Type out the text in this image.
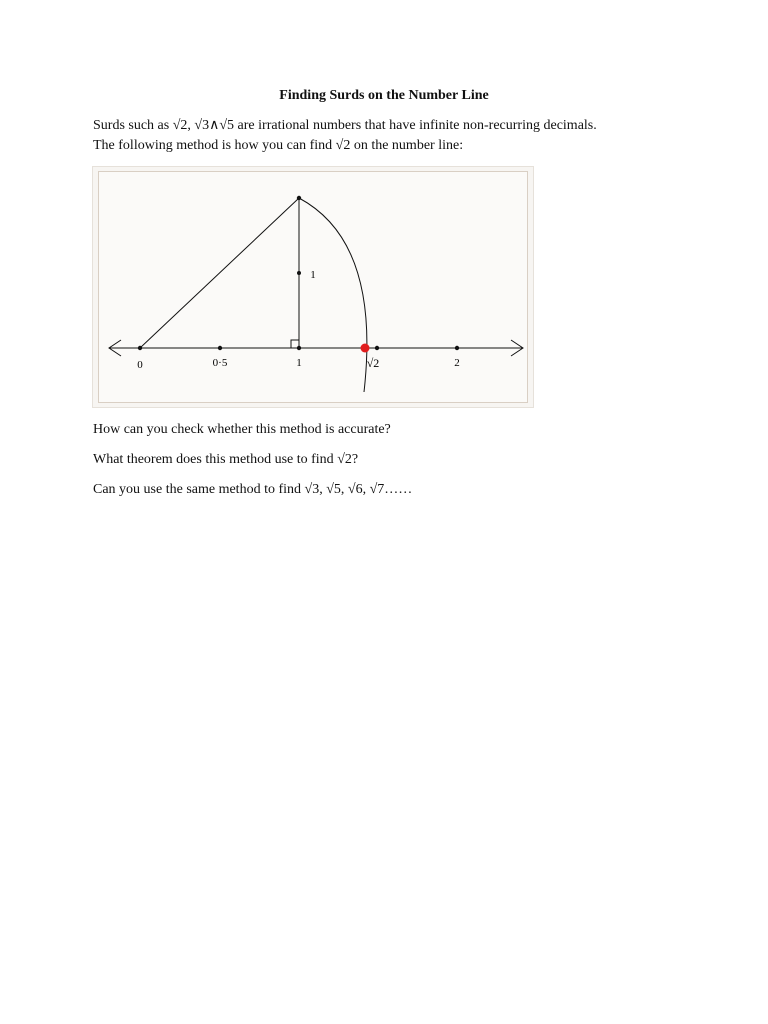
Finding Surds on the Number Line
Surds such as √2, √3∧√5 are irrational numbers that have infinite non-recurring decimals.
The following method is how you can find √2 on the number line:
0	0·5	1	√2	2
1
How can you check whether this method is accurate?
What theorem does this method use to find √2?
Can you use the same method to find √3, √5, √6, √7……
